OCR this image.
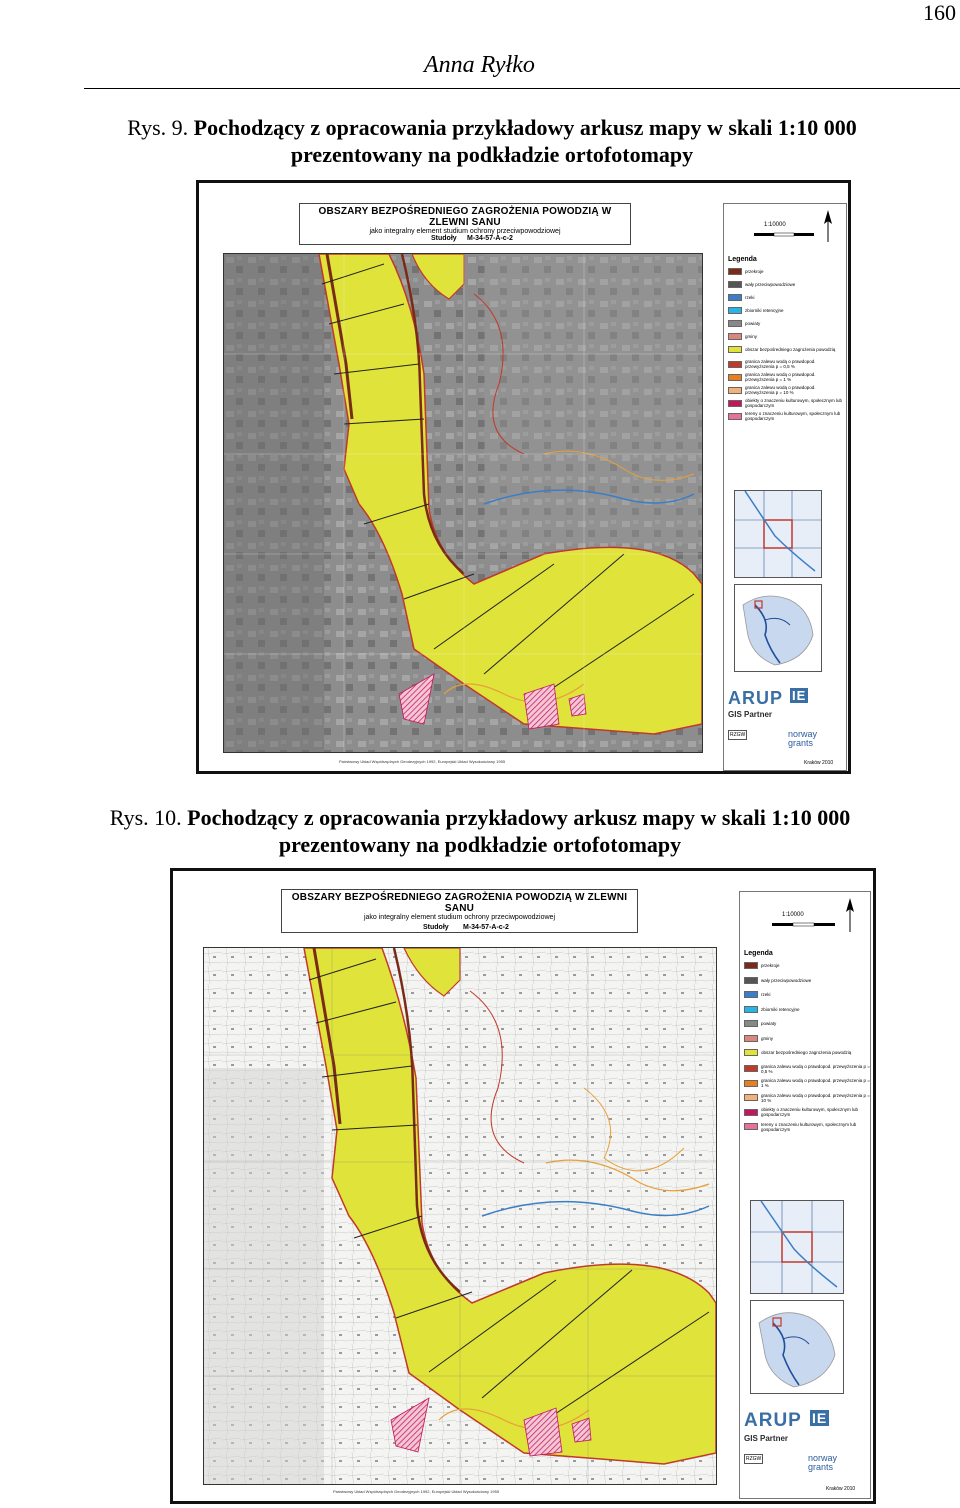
160
Anna Ryłko
Rys. 9. Pochodzący z opracowania przykładowy arkusz mapy w skali 1:10 000
prezentowany na podkładzie ortofotomapy
OBSZARY BEZPOŚREDNIEGO ZAGROŻENIA POWODZIĄ W ZLEWNI SANU
jako integralny element studium ochrony przeciwpowodziowej
Studoły M-34-57-A-c-2
Państwowy Układ Współrzędnych Geodezyjnych 1992, Europejski Układ Wysokościowy 1955
1:10000
Legenda
przekroje
wały przeciwpowodziowe
rzeki
zbiorniki retencyjne
powiaty
gminy
obszar bezpośredniego zagrożenia powodzią
granica zalewu wodą o prawdopod. przewyższenia p = 0,5 %
granica zalewu wodą o prawdopod. przewyższenia p = 1 %
granica zalewu wodą o prawdopod. przewyższenia p = 10 %
obiekty o znaczeniu kulturowym, społecznym lub gospodarczym
tereny o znaczeniu kulturowym, społecznym lub gospodarczym
ARUP IE
GIS Partner
RZGW	norway grants
Kraków 2010
Rys. 10. Pochodzący z opracowania przykładowy arkusz mapy w skali 1:10 000
prezentowany na podkładzie ortofotomapy
OBSZARY BEZPOŚREDNIEGO ZAGROŻENIA POWODZIĄ W ZLEWNI SANU
jako integralny element studium ochrony przeciwpowodziowej
Studoły M-34-57-A-c-2
Państwowy Układ Współrzędnych Geodezyjnych 1992, Europejski Układ Wysokościowy 1955
1:10000
Legenda
przekroje
wały przeciwpowodziowe
rzeki
zbiorniki retencyjne
powiaty
gminy
obszar bezpośredniego zagrożenia powodzią
granica zalewu wodą o prawdopod. przewyższenia p = 0,5 %
granica zalewu wodą o prawdopod. przewyższenia p = 1 %
granica zalewu wodą o prawdopod. przewyższenia p = 10 %
obiekty o znaczeniu kulturowym, społecznym lub gospodarczym
tereny o znaczeniu kulturowym, społecznym lub gospodarczym
ARUP IE
GIS Partner
RZGW	norway grants
Kraków 2010
